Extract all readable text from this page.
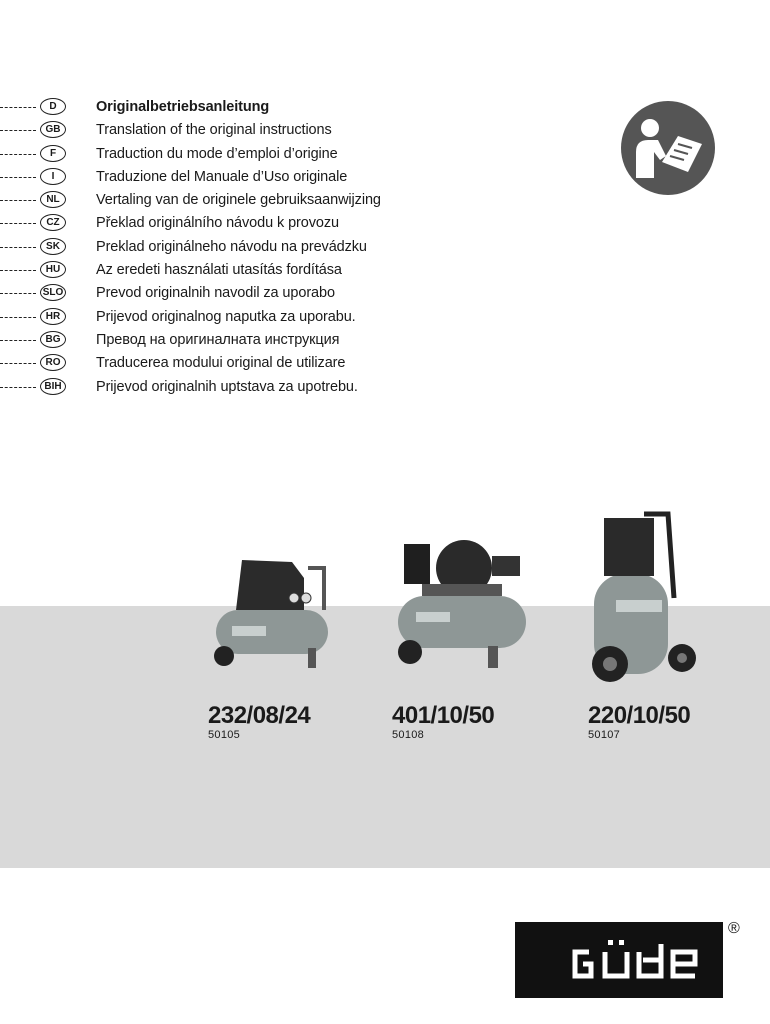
D	Originalbetriebsanleitung
GB	Translation of the original instructions
F	Traduction du mode d’emploi d’origine
I	Traduzione del Manuale d’Uso originale
NL	Vertaling van de originele gebruiksaanwijzing
CZ	Překlad originálního návodu k provozu
SK	Preklad originálneho návodu na prevádzku
HU	Az eredeti használati utasítás fordítása
SLO Prevod originalnih navodil za uporabo
HR	Prijevod originalnog naputka za uporabu.
BG	Превод на оригиналната инструкция
RO	Traducerea modului original de utilizare
BIH	Prijevod originalnih uptstava za upotrebu.
232/08/24
50105
401/10/50
50108
220/10/50
50107
®
